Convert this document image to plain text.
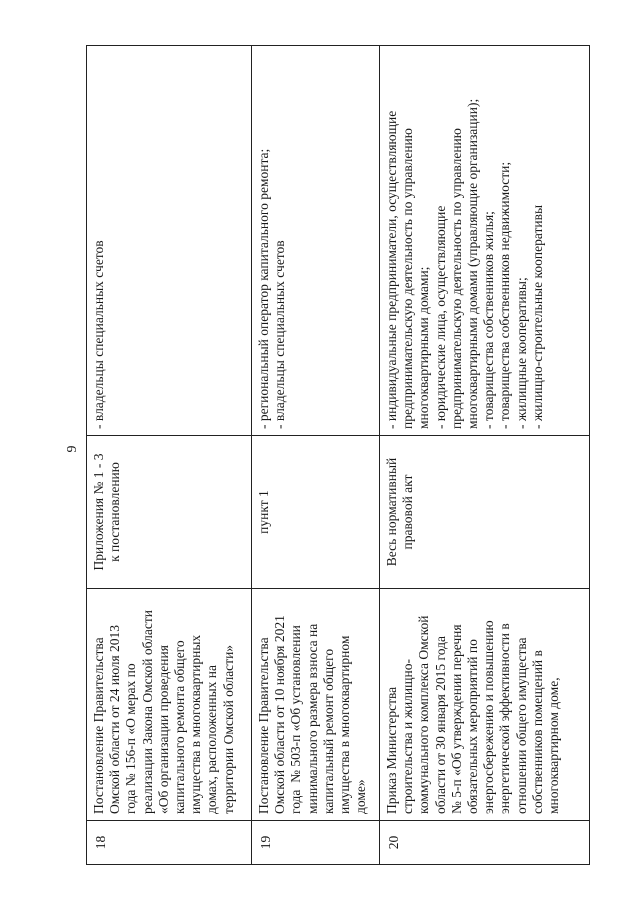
9
18
Постановление Правительства Омской области от 24 июля 2013 года № 156-п «О мерах по реализации Закона Омской области «Об организации проведения капитального ремонта общего имущества в многоквартирных домах, расположенных на территории Омской области»
Приложения № 1 - 3 к постановлению
- владельцы специальных счетов
19
Постановление Правительства Омской области от 10 ноября 2021 года  № 503-п «Об установлении минимального размера взноса на капитальный ремонт общего имущества в многоквартирном доме»
пункт 1
- региональный оператор капитального ремонта; - владельцы специальных счетов
20
Приказ Министерства строительства и жилищно- коммунального комплекса Омской области от 30 января 2015 года № 5-п «Об утверждении перечня обязательных мероприятий по энергосбережению и повышению энергетической эффективности в отношении общего имущества собственников помещений в многоквартирном доме,
Весь нормативный правовой акт
- индивидуальные предприниматели, осуществляющие предпринимательскую деятельность по управлению многоквартирными домами; - юридические лица, осуществляющие предпринимательскую деятельность по управлению многоквартирными домами (управляющие организации); - товарищества собственников жилья; - товарищества собственников недвижимости; - жилищные кооперативы; - жилищно-строительные кооперативы
